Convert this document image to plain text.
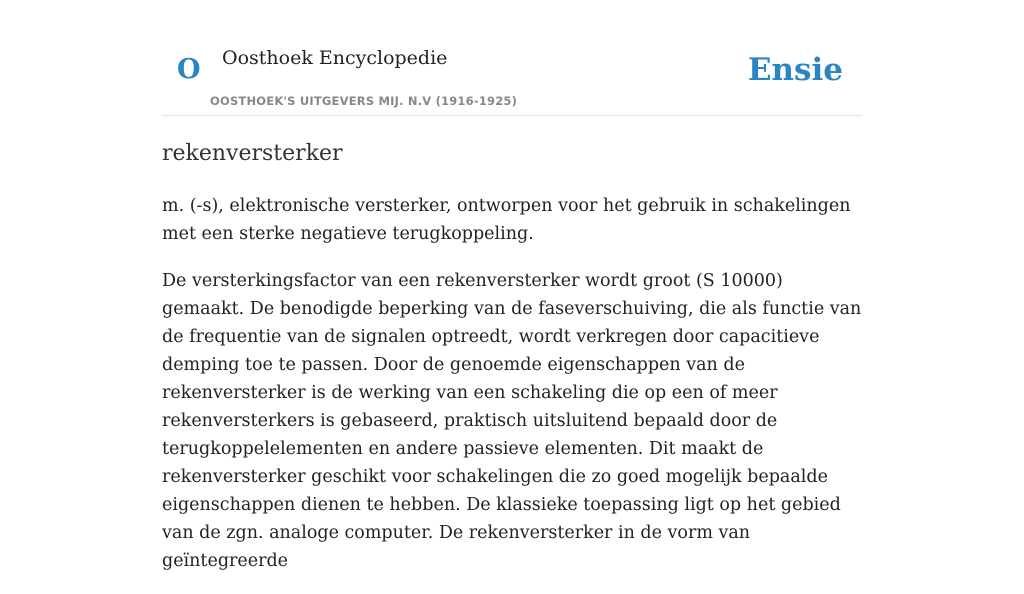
O Oosthoek Encyclopedie
OOSTHOEK'S UITGEVERS MIJ. N.V (1916-1925)
Ensie
rekenversterker

m. (-s), elektronische versterker, ontworpen voor het gebruik in schakelingen met een sterke negatieve terugkoppeling.

De versterkingsfactor van een rekenversterker wordt groot (S 10000) gemaakt. De benodigde beperking van de faseverschuiving, die als functie van de frequentie van de signalen optreedt, wordt verkregen door capacitieve demping toe te passen. Door de genoemde eigenschappen van de rekenversterker is de werking van een schakeling die op een of meer rekenversterkers is gebaseerd, praktisch uitsluitend bepaald door de terugkoppelelementen en andere passieve elementen. Dit maakt de rekenversterker geschikt voor schakelingen die zo goed mogelijk bepaalde eigenschappen dienen te hebben. De klassieke toepassing ligt op het gebied van de zgn. analoge computer. De rekenversterker in de vorm van geïntegreerde
